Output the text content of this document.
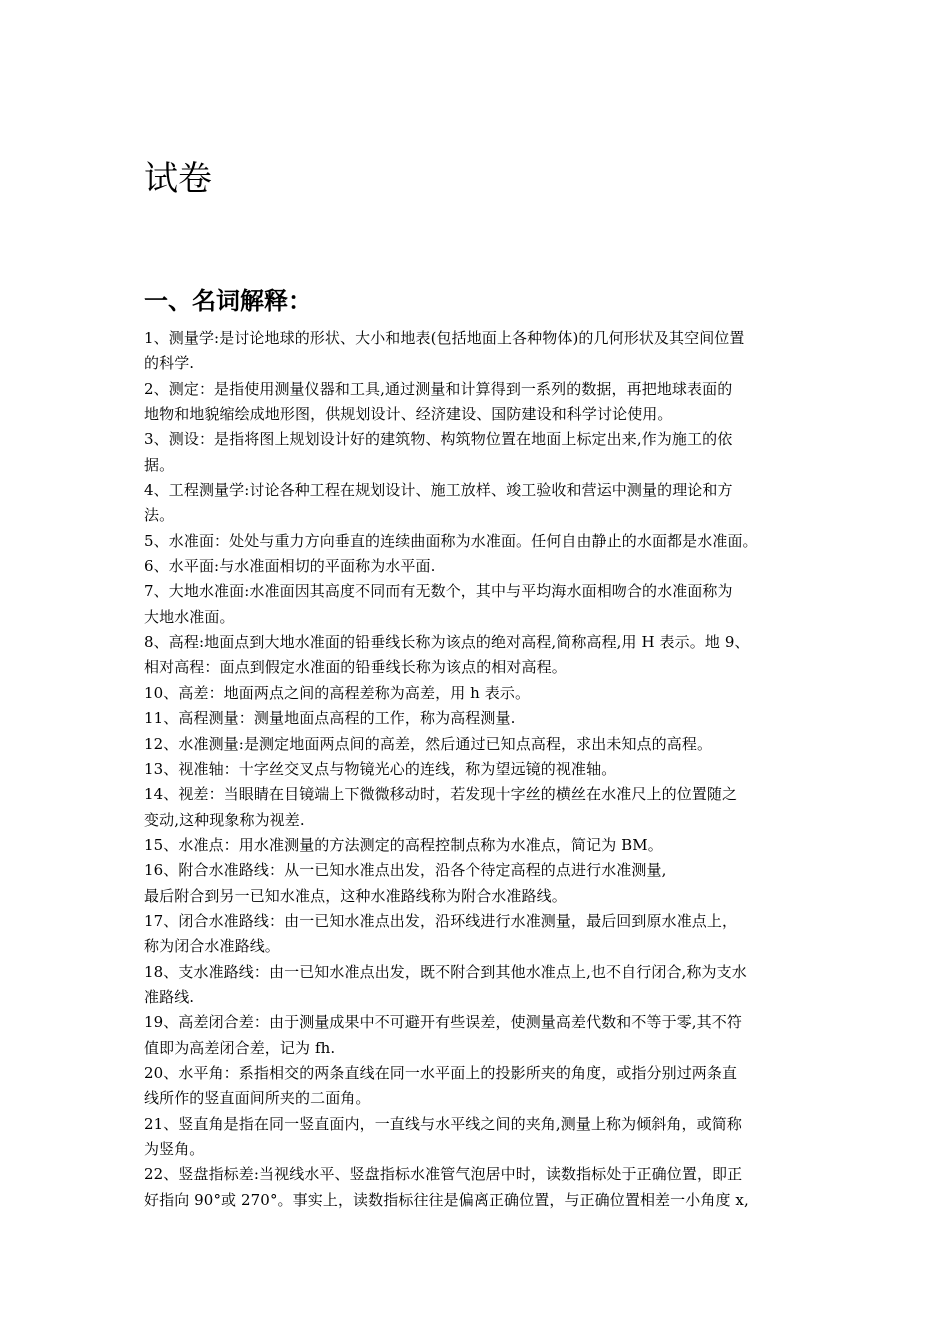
试卷
一、名词解释：
1、测量学:是讨论地球的形状、大小和地表(包括地面上各种物体)的几何形状及其空间位置
的科学.
2、测定：是指使用测量仪器和工具,通过测量和计算得到一系列的数据，再把地球表面的
地物和地貌缩绘成地形图，供规划设计、经济建设、国防建设和科学讨论使用。
3、测设：是指将图上规划设计好的建筑物、构筑物位置在地面上标定出来,作为施工的依
据。
4、工程测量学:讨论各种工程在规划设计、施工放样、竣工验收和营运中测量的理论和方
法。
5、水准面：处处与重力方向垂直的连续曲面称为水准面。任何自由静止的水面都是水准面。
6、水平面:与水准面相切的平面称为水平面.
7、大地水准面:水准面因其高度不同而有无数个，其中与平均海水面相吻合的水准面称为
大地水准面。
8、高程:地面点到大地水准面的铅垂线长称为该点的绝对高程,简称高程,用 H 表示。地 9、
相对高程：面点到假定水准面的铅垂线长称为该点的相对高程。
10、高差：地面两点之间的高程差称为高差，用 h 表示。
11、高程测量：测量地面点高程的工作，称为高程测量.
12、水准测量:是测定地面两点间的高差，然后通过已知点高程，求出未知点的高程。
13、视准轴：十字丝交叉点与物镜光心的连线，称为望远镜的视准轴。
14、视差：当眼睛在目镜端上下微微移动时，若发现十字丝的横丝在水准尺上的位置随之
变动,这种现象称为视差.
15、水准点：用水准测量的方法测定的高程控制点称为水准点，简记为 BM。
16、附合水准路线：从一已知水准点出发，沿各个待定高程的点进行水准测量,
最后附合到另一已知水准点，这种水准路线称为附合水准路线。
17、闭合水准路线：由一已知水准点出发，沿环线进行水准测量，最后回到原水准点上，
称为闭合水准路线。
18、支水准路线：由一已知水准点出发，既不附合到其他水准点上,也不自行闭合,称为支水
准路线.
19、高差闭合差：由于测量成果中不可避开有些误差，使测量高差代数和不等于零,其不符
值即为高差闭合差，记为 fh.
20、水平角：系指相交的两条直线在同一水平面上的投影所夹的角度，或指分别过两条直
线所作的竖直面间所夹的二面角。
21、竖直角是指在同一竖直面内，一直线与水平线之间的夹角,测量上称为倾斜角，或简称
为竖角。
22、竖盘指标差:当视线水平、竖盘指标水准管气泡居中时，读数指标处于正确位置，即正
好指向 90°或 270°。事实上，读数指标往往是偏离正确位置，与正确位置相差一小角度 x,
